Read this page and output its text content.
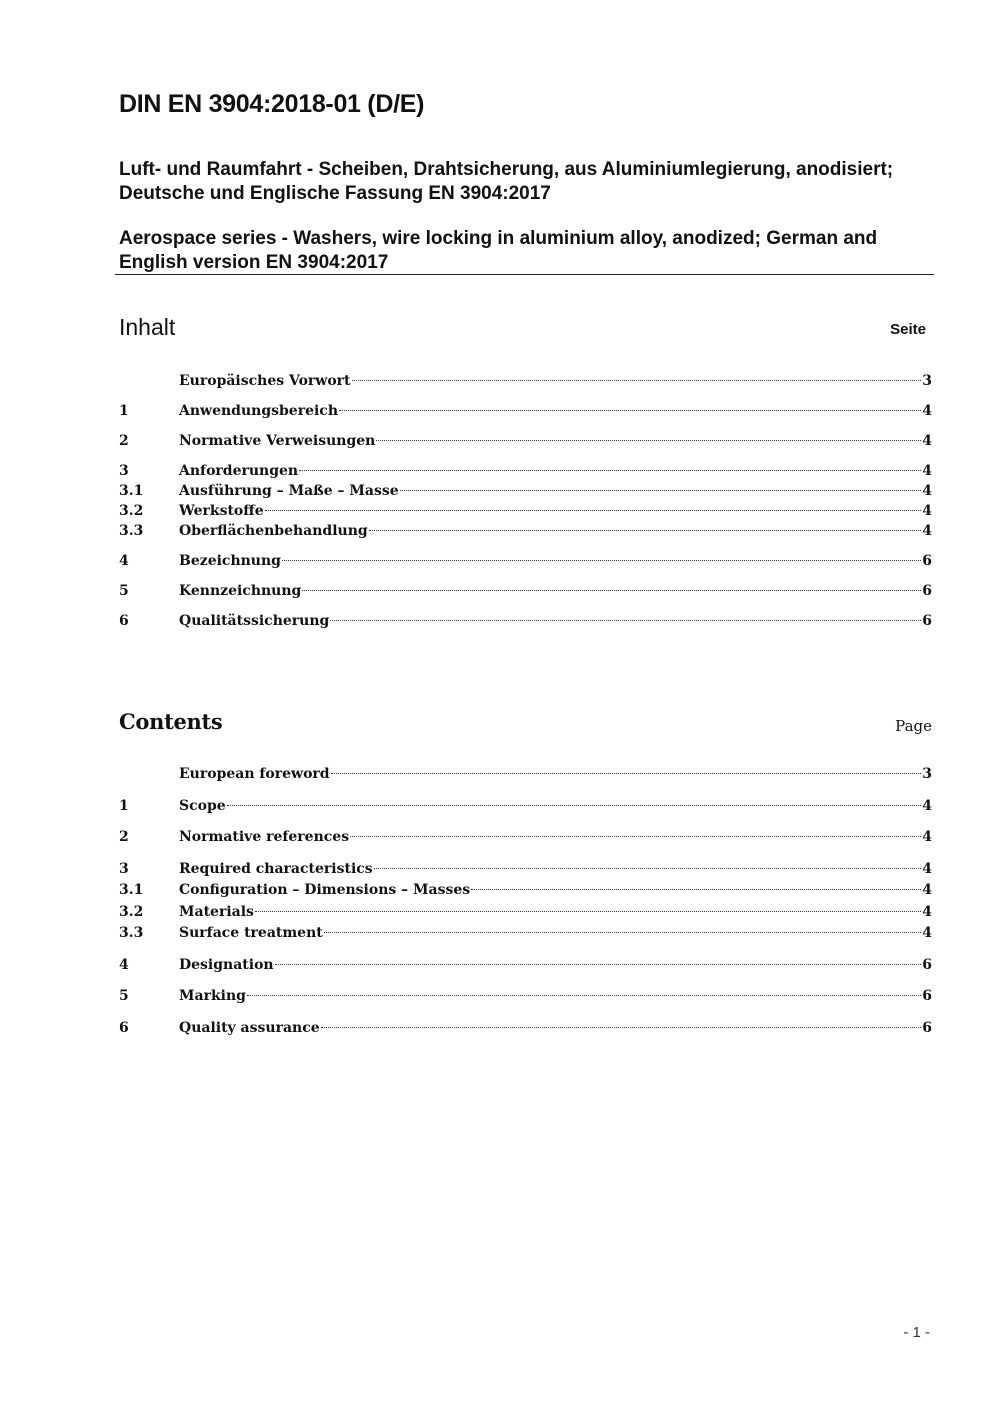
DIN EN 3904:2018-01 (D/E)
Luft- und Raumfahrt - Scheiben, Drahtsicherung, aus Aluminiumlegierung, anodisiert; Deutsche und Englische Fassung EN 3904:2017
Aerospace series - Washers, wire locking in aluminium alloy, anodized; German and English version EN 3904:2017
Inhalt	Seite
Europäisches Vorwort	3
1	Anwendungsbereich	4
2	Normative Verweisungen	4
3	Anforderungen	4
3.1	Ausführung – Maße – Masse	4
3.2	Werkstoffe	4
3.3	Oberflächenbehandlung	4
4	Bezeichnung	6
5	Kennzeichnung	6
6	Qualitätssicherung	6
Contents	Page
European foreword	3
1	Scope	4
2	Normative references	4
3	Required characteristics	4
3.1	Configuration – Dimensions – Masses	4
3.2	Materials	4
3.3	Surface treatment	4
4	Designation	6
5	Marking	6
6	Quality assurance	6
- 1 -
